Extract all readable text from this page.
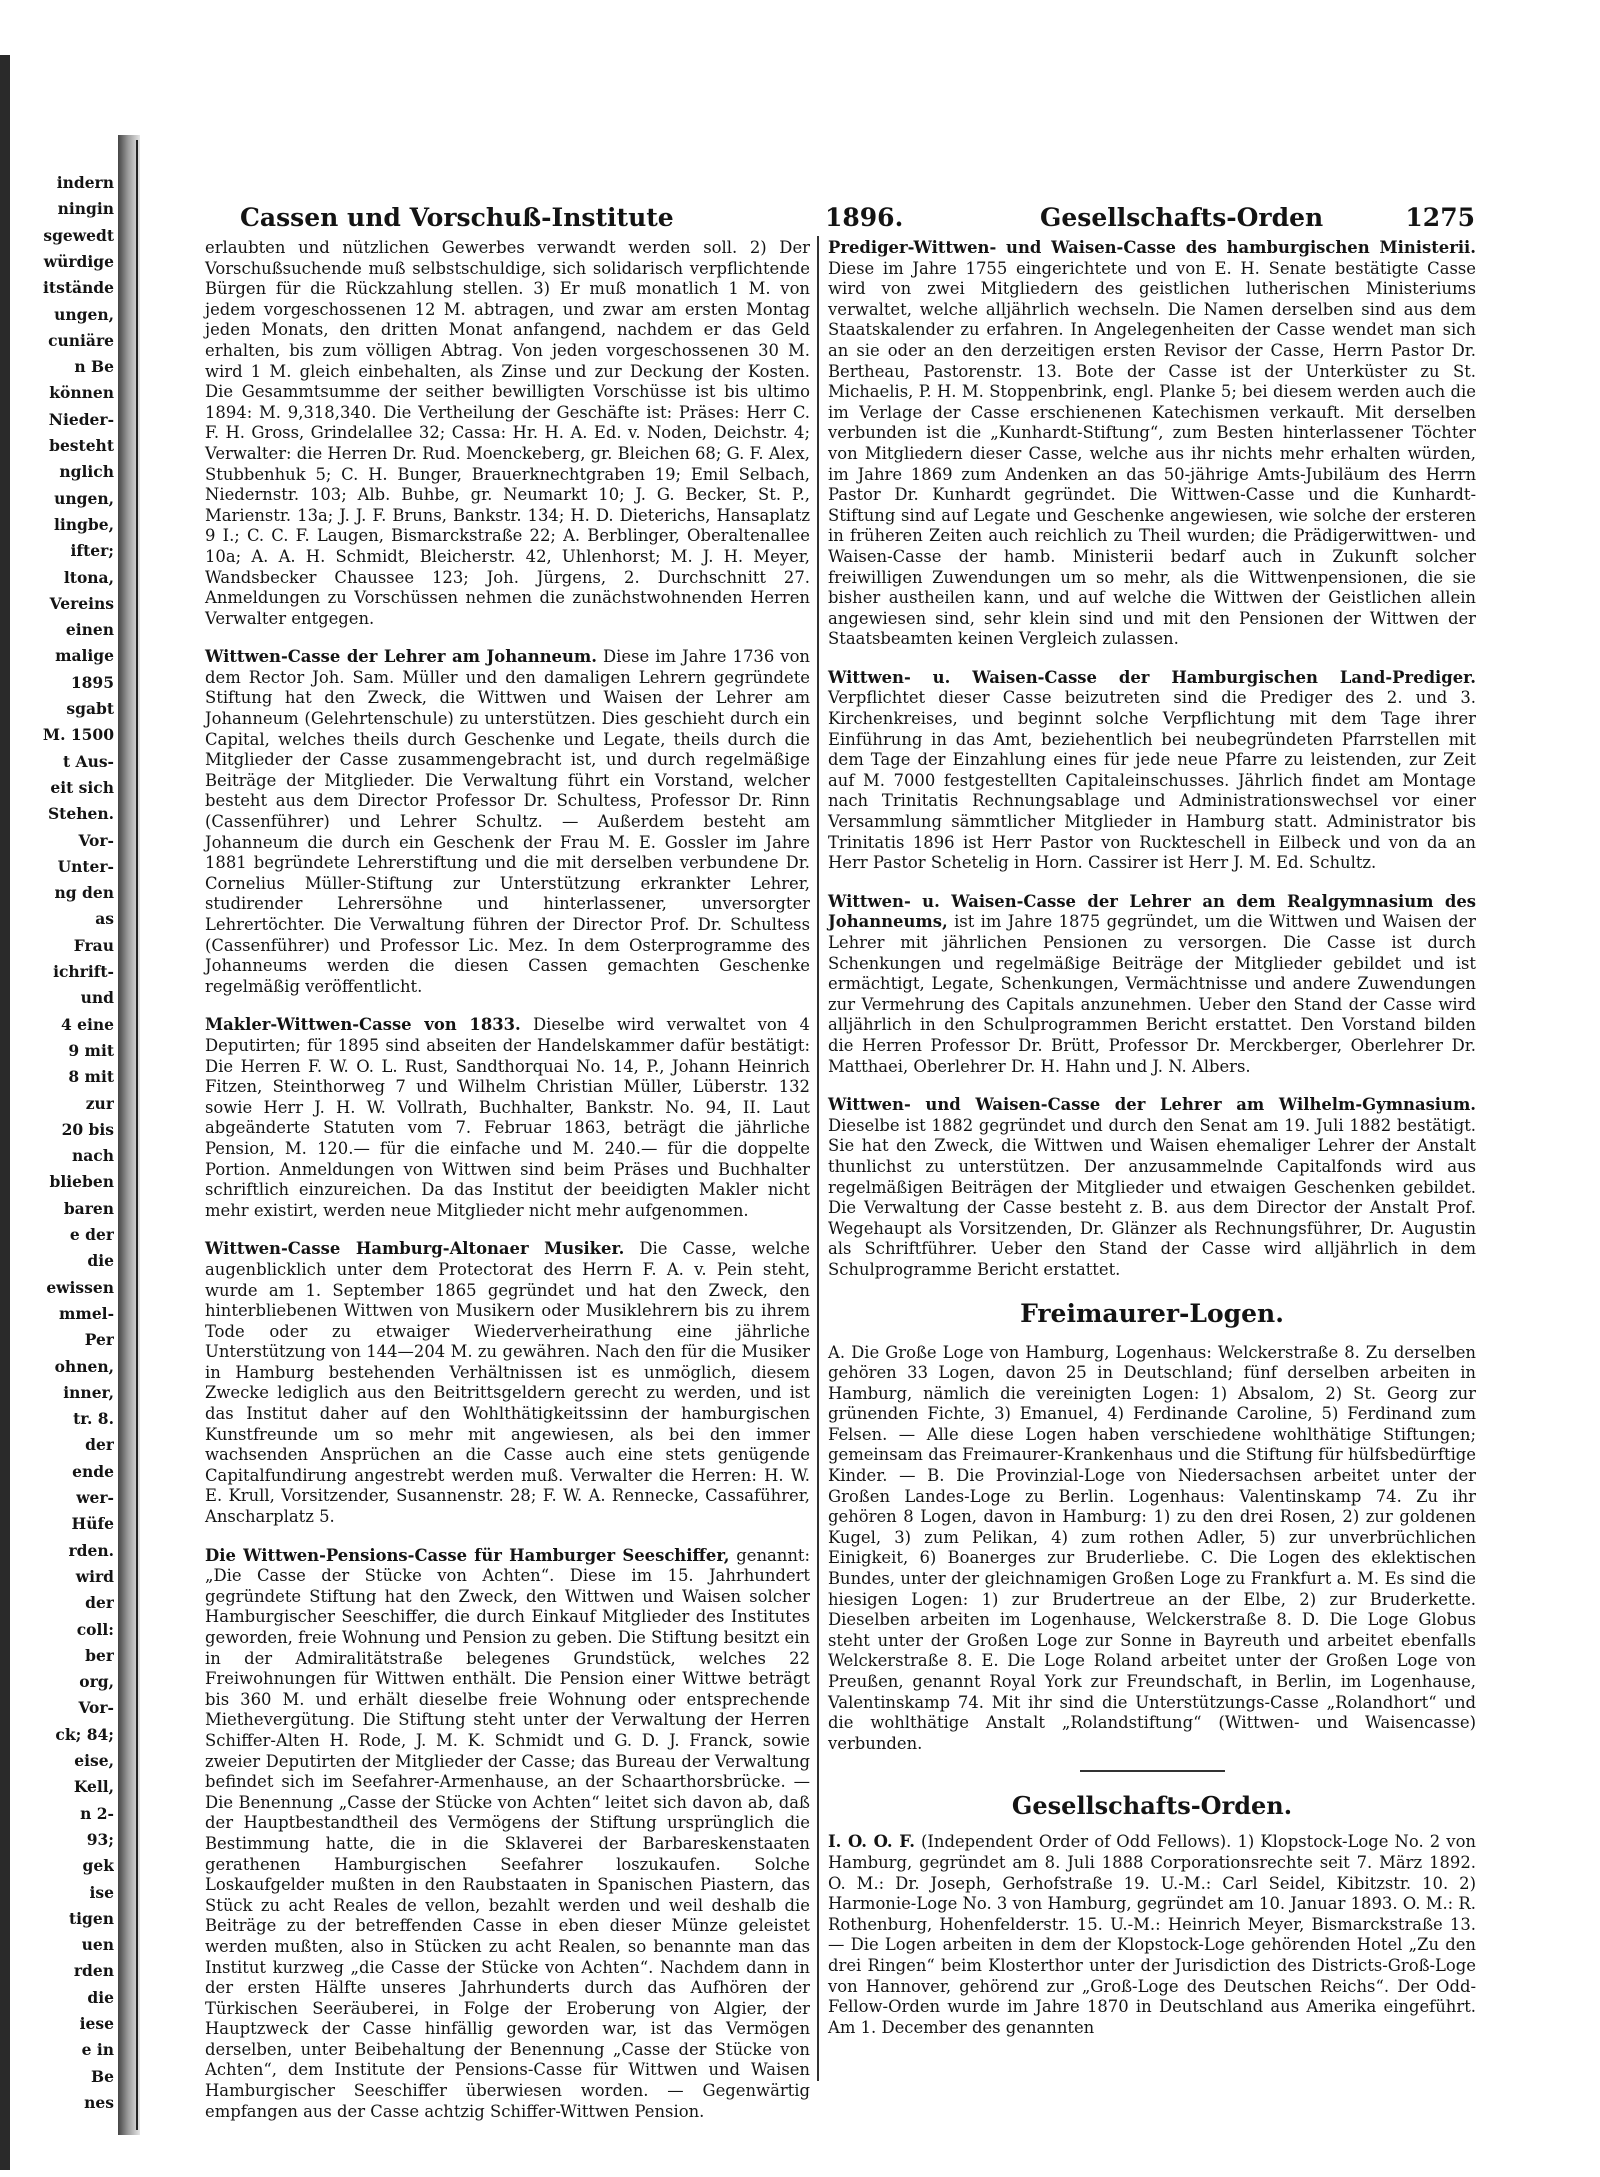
indern
ningin
sgewedt
würdige
itstände
ungen,
cuniäre
n Be
können
Nieder-
besteht
nglich
ungen,
lingbe,
ifter;
ltona,
Vereins
einen
malige
1895
sgabt
M. 1500
t Aus-
eit sich
Stehen.
Vor-
Unter-
ng den
as
Frau
ichrift-
und
4 eine
9 mit
8 mit
zur
20 bis
nach
blieben
baren
e der
die
ewissen
mmel-
Per
ohnen,
inner,
tr. 8.
der
ende
wer-
Hüfe
rden.
wird
der
coll:
ber
org,
Vor-
ck; 84;
eise,
Kell,
n 2-
93;
gek
ise
tigen
uen
rden
die
iese
e in
Be
nes
Cassen und Vorschuß-Institute	1896.	Gesellschafts-Orden	1275

erlaubten und nützlichen Gewerbes verwandt werden soll. 2) Der Vorschußsuchende muß selbstschuldige, sich solidarisch verpflichtende Bürgen für die Rückzahlung stellen. 3) Er muß monatlich 1 M. von jedem vorgeschossenen 12 M. abtragen, und zwar am ersten Montag jeden Monats, den dritten Monat anfangend, nachdem er das Geld erhalten, bis zum völligen Abtrag. Von jeden vorgeschossenen 30 M. wird 1 M. gleich einbehalten, als Zinse und zur Deckung der Kosten. Die Gesammtsumme der seither bewilligten Vorschüsse ist bis ultimo 1894: M. 9,318,340. Die Vertheilung der Geschäfte ist: Präses: Herr C. F. H. Gross, Grindelallee 32; Cassa: Hr. H. A. Ed. v. Noden, Deichstr. 4; Verwalter: die Herren Dr. Rud. Moenckeberg, gr. Bleichen 68; G. F. Alex, Stubbenhuk 5; C. H. Bunger, Brauerknechtgraben 19; Emil Selbach, Niedernstr. 103; Alb. Buhbe, gr. Neumarkt 10; J. G. Becker, St. P., Marienstr. 13a; J. J. F. Bruns, Bankstr. 134; H. D. Dieterichs, Hansaplatz 9 I.; C. C. F. Laugen, Bismarckstraße 22; A. Berblinger, Oberaltenallee 10a; A. A. H. Schmidt, Bleicherstr. 42, Uhlenhorst; M. J. H. Meyer, Wandsbecker Chaussee 123; Joh. Jürgens, 2. Durchschnitt 27. Anmeldungen zu Vorschüssen nehmen die zunächstwohnenden Herren Verwalter entgegen.

Wittwen-Casse der Lehrer am Johanneum. Diese im Jahre 1736 von dem Rector Joh. Sam. Müller und den damaligen Lehrern gegründete Stiftung hat den Zweck, die Wittwen und Waisen der Lehrer am Johanneum (Gelehrtenschule) zu unterstützen. Dies geschieht durch ein Capital, welches theils durch Geschenke und Legate, theils durch die Mitglieder der Casse zusammengebracht ist, und durch regelmäßige Beiträge der Mitglieder. Die Verwaltung führt ein Vorstand, welcher besteht aus dem Director Professor Dr. Schultess, Professor Dr. Rinn (Cassenführer) und Lehrer Schultz. — Außerdem besteht am Johanneum die durch ein Geschenk der Frau M. E. Gossler im Jahre 1881 begründete Lehrerstiftung und die mit derselben verbundene Dr. Cornelius Müller-Stiftung zur Unterstützung erkrankter Lehrer, studirender Lehrersöhne und hinterlassener, unversorgter Lehrertöchter. Die Verwaltung führen der Director Prof. Dr. Schultess (Cassenführer) und Professor Lic. Mez. In dem Osterprogramme des Johanneums werden die diesen Cassen gemachten Geschenke regelmäßig veröffentlicht.

Makler-Wittwen-Casse von 1833. Dieselbe wird verwaltet von 4 Deputirten; für 1895 sind abseiten der Handelskammer dafür bestätigt: Die Herren F. W. O. L. Rust, Sandthorquai No. 14, P., Johann Heinrich Fitzen, Steinthorweg 7 und Wilhelm Christian Müller, Lüberstr. 132 sowie Herr J. H. W. Vollrath, Buchhalter, Bankstr. No. 94, II. Laut abgeänderte Statuten vom 7. Februar 1863, beträgt die jährliche Pension, M. 120.— für die einfache und M. 240.— für die doppelte Portion. Anmeldungen von Wittwen sind beim Präses und Buchhalter schriftlich einzureichen. Da das Institut der beeidigten Makler nicht mehr existirt, werden neue Mitglieder nicht mehr aufgenommen.

Wittwen-Casse Hamburg-Altonaer Musiker. Die Casse, welche augenblicklich unter dem Protectorat des Herrn F. A. v. Pein steht, wurde am 1. September 1865 gegründet und hat den Zweck, den hinterbliebenen Wittwen von Musikern oder Musiklehrern bis zu ihrem Tode oder zu etwaiger Wiederverheirathung eine jährliche Unterstützung von 144—204 M. zu gewähren. Nach den für die Musiker in Hamburg bestehenden Verhältnissen ist es unmöglich, diesem Zwecke lediglich aus den Beitrittsgeldern gerecht zu werden, und ist das Institut daher auf den Wohlthätigkeitssinn der hamburgischen Kunstfreunde um so mehr mit angewiesen, als bei den immer wachsenden Ansprüchen an die Casse auch eine stets genügende Capitalfundirung angestrebt werden muß. Verwalter die Herren: H. W. E. Krull, Vorsitzender, Susannenstr. 28; F. W. A. Rennecke, Cassaführer, Anscharplatz 5.

Die Wittwen-Pensions-Casse für Hamburger Seeschiffer, genannt: „Die Casse der Stücke von Achten“. Diese im 15. Jahrhundert gegründete Stiftung hat den Zweck, den Wittwen und Waisen solcher Hamburgischer Seeschiffer, die durch Einkauf Mitglieder des Institutes geworden, freie Wohnung und Pension zu geben. Die Stiftung besitzt ein in der Admiralitätstraße belegenes Grundstück, welches 22 Freiwohnungen für Wittwen enthält. Die Pension einer Wittwe beträgt bis 360 M. und erhält dieselbe freie Wohnung oder entsprechende Miethevergütung. Die Stiftung steht unter der Verwaltung der Herren Schiffer-Alten H. Rode, J. M. K. Schmidt und G. D. J. Franck, sowie zweier Deputirten der Mitglieder der Casse; das Bureau der Verwaltung befindet sich im Seefahrer-Armenhause, an der Schaarthorsbrücke. — Die Benennung „Casse der Stücke von Achten“ leitet sich davon ab, daß der Hauptbestandtheil des Vermögens der Stiftung ursprünglich die Bestimmung hatte, die in die Sklaverei der Barbareskenstaaten gerathenen Hamburgischen Seefahrer loszukaufen. Solche Loskaufgelder mußten in den Raubstaaten in Spanischen Piastern, das Stück zu acht Reales de vellon, bezahlt werden und weil deshalb die Beiträge zu der betreffenden Casse in eben dieser Münze geleistet werden mußten, also in Stücken zu acht Realen, so benannte man das Institut kurzweg „die Casse der Stücke von Achten“. Nachdem dann in der ersten Hälfte unseres Jahrhunderts durch das Aufhören der Türkischen Seeräuberei, in Folge der Eroberung von Algier, der Hauptzweck der Casse hinfällig geworden war, ist das Vermögen derselben, unter Beibehaltung der Benennung „Casse der Stücke von Achten“, dem Institute der Pensions-Casse für Wittwen und Waisen Hamburgischer Seeschiffer überwiesen worden. — Gegenwärtig empfangen aus der Casse achtzig Schiffer-Wittwen Pension.

Prediger-Wittwen- und Waisen-Casse des hamburgischen Ministerii. Diese im Jahre 1755 eingerichtete und von E. H. Senate bestätigte Casse wird von zwei Mitgliedern des geistlichen lutherischen Ministeriums verwaltet, welche alljährlich wechseln. Die Namen derselben sind aus dem Staatskalender zu erfahren. In Angelegenheiten der Casse wendet man sich an sie oder an den derzeitigen ersten Revisor der Casse, Herrn Pastor Dr. Bertheau, Pastorenstr. 13. Bote der Casse ist der Unterküster zu St. Michaelis, P. H. M. Stoppenbrink, engl. Planke 5; bei diesem werden auch die im Verlage der Casse erschienenen Katechismen verkauft. Mit derselben verbunden ist die „Kunhardt-Stiftung“, zum Besten hinterlassener Töchter von Mitgliedern dieser Casse, welche aus ihr nichts mehr erhalten würden, im Jahre 1869 zum Andenken an das 50-jährige Amts-Jubiläum des Herrn Pastor Dr. Kunhardt gegründet. Die Wittwen-Casse und die Kunhardt-Stiftung sind auf Legate und Geschenke angewiesen, wie solche der ersteren in früheren Zeiten auch reichlich zu Theil wurden; die Prädigerwittwen- und Waisen-Casse der hamb. Ministerii bedarf auch in Zukunft solcher freiwilligen Zuwendungen um so mehr, als die Wittwenpensionen, die sie bisher austheilen kann, und auf welche die Wittwen der Geistlichen allein angewiesen sind, sehr klein sind und mit den Pensionen der Wittwen der Staatsbeamten keinen Vergleich zulassen.

Wittwen- u. Waisen-Casse der Hamburgischen Land-Prediger. Verpflichtet dieser Casse beizutreten sind die Prediger des 2. und 3. Kirchenkreises, und beginnt solche Verpflichtung mit dem Tage ihrer Einführung in das Amt, beziehentlich bei neubegründeten Pfarrstellen mit dem Tage der Einzahlung eines für jede neue Pfarre zu leistenden, zur Zeit auf M. 7000 festgestellten Capitaleinschusses. Jährlich findet am Montage nach Trinitatis Rechnungsablage und Administrationswechsel vor einer Versammlung sämmtlicher Mitglieder in Hamburg statt. Administrator bis Trinitatis 1896 ist Herr Pastor von Ruckteschell in Eilbeck und von da an Herr Pastor Schetelig in Horn. Cassirer ist Herr J. M. Ed. Schultz.

Wittwen- u. Waisen-Casse der Lehrer an dem Realgymnasium des Johanneums, ist im Jahre 1875 gegründet, um die Wittwen und Waisen der Lehrer mit jährlichen Pensionen zu versorgen. Die Casse ist durch Schenkungen und regelmäßige Beiträge der Mitglieder gebildet und ist ermächtigt, Legate, Schenkungen, Vermächtnisse und andere Zuwendungen zur Vermehrung des Capitals anzunehmen. Ueber den Stand der Casse wird alljährlich in den Schulprogrammen Bericht erstattet. Den Vorstand bilden die Herren Professor Dr. Brütt, Professor Dr. Merckberger, Oberlehrer Dr. Matthaei, Oberlehrer Dr. H. Hahn und J. N. Albers.

Wittwen- und Waisen-Casse der Lehrer am Wilhelm-Gymnasium. Dieselbe ist 1882 gegründet und durch den Senat am 19. Juli 1882 bestätigt. Sie hat den Zweck, die Wittwen und Waisen ehemaliger Lehrer der Anstalt thunlichst zu unterstützen. Der anzusammelnde Capitalfonds wird aus regelmäßigen Beiträgen der Mitglieder und etwaigen Geschenken gebildet. Die Verwaltung der Casse besteht z. B. aus dem Director der Anstalt Prof. Wegehaupt als Vorsitzenden, Dr. Glänzer als Rechnungsführer, Dr. Augustin als Schriftführer. Ueber den Stand der Casse wird alljährlich in dem Schulprogramme Bericht erstattet.

Freimaurer-Logen.

A. Die Große Loge von Hamburg, Logenhaus: Welckerstraße 8. Zu derselben gehören 33 Logen, davon 25 in Deutschland; fünf derselben arbeiten in Hamburg, nämlich die vereinigten Logen: 1) Absalom, 2) St. Georg zur grünenden Fichte, 3) Emanuel, 4) Ferdinande Caroline, 5) Ferdinand zum Felsen. — Alle diese Logen haben verschiedene wohlthätige Stiftungen; gemeinsam das Freimaurer-Krankenhaus und die Stiftung für hülfsbedürftige Kinder. — B. Die Provinzial-Loge von Niedersachsen arbeitet unter der Großen Landes-Loge zu Berlin. Logenhaus: Valentinskamp 74. Zu ihr gehören 8 Logen, davon in Hamburg: 1) zu den drei Rosen, 2) zur goldenen Kugel, 3) zum Pelikan, 4) zum rothen Adler, 5) zur unverbrüchlichen Einigkeit, 6) Boanerges zur Bruderliebe. C. Die Logen des eklektischen Bundes, unter der gleichnamigen Großen Loge zu Frankfurt a. M. Es sind die hiesigen Logen: 1) zur Brudertreue an der Elbe, 2) zur Bruderkette. Dieselben arbeiten im Logenhause, Welckerstraße 8. D. Die Loge Globus steht unter der Großen Loge zur Sonne in Bayreuth und arbeitet ebenfalls Welckerstraße 8. E. Die Loge Roland arbeitet unter der Großen Loge von Preußen, genannt Royal York zur Freundschaft, in Berlin, im Logenhause, Valentinskamp 74. Mit ihr sind die Unterstützungs-Casse „Rolandhort“ und die wohlthätige Anstalt „Rolandstiftung“ (Wittwen- und Waisencasse) verbunden.

Gesellschafts-Orden.

I. O. O. F. (Independent Order of Odd Fellows). 1) Klopstock-Loge No. 2 von Hamburg, gegründet am 8. Juli 1888 Corporationsrechte seit 7. März 1892. O. M.: Dr. Joseph, Gerhofstraße 19. U.-M.: Carl Seidel, Kibitzstr. 10. 2) Harmonie-Loge No. 3 von Hamburg, gegründet am 10. Januar 1893. O. M.: R. Rothenburg, Hohenfelderstr. 15. U.-M.: Heinrich Meyer, Bismarckstraße 13. — Die Logen arbeiten in dem der Klopstock-Loge gehörenden Hotel „Zu den drei Ringen“ beim Klosterthor unter der Jurisdiction des Districts-Groß-Loge von Hannover, gehörend zur „Groß-Loge des Deutschen Reichs“. Der Odd-Fellow-Orden wurde im Jahre 1870 in Deutschland aus Amerika eingeführt. Am 1. December des genannten
